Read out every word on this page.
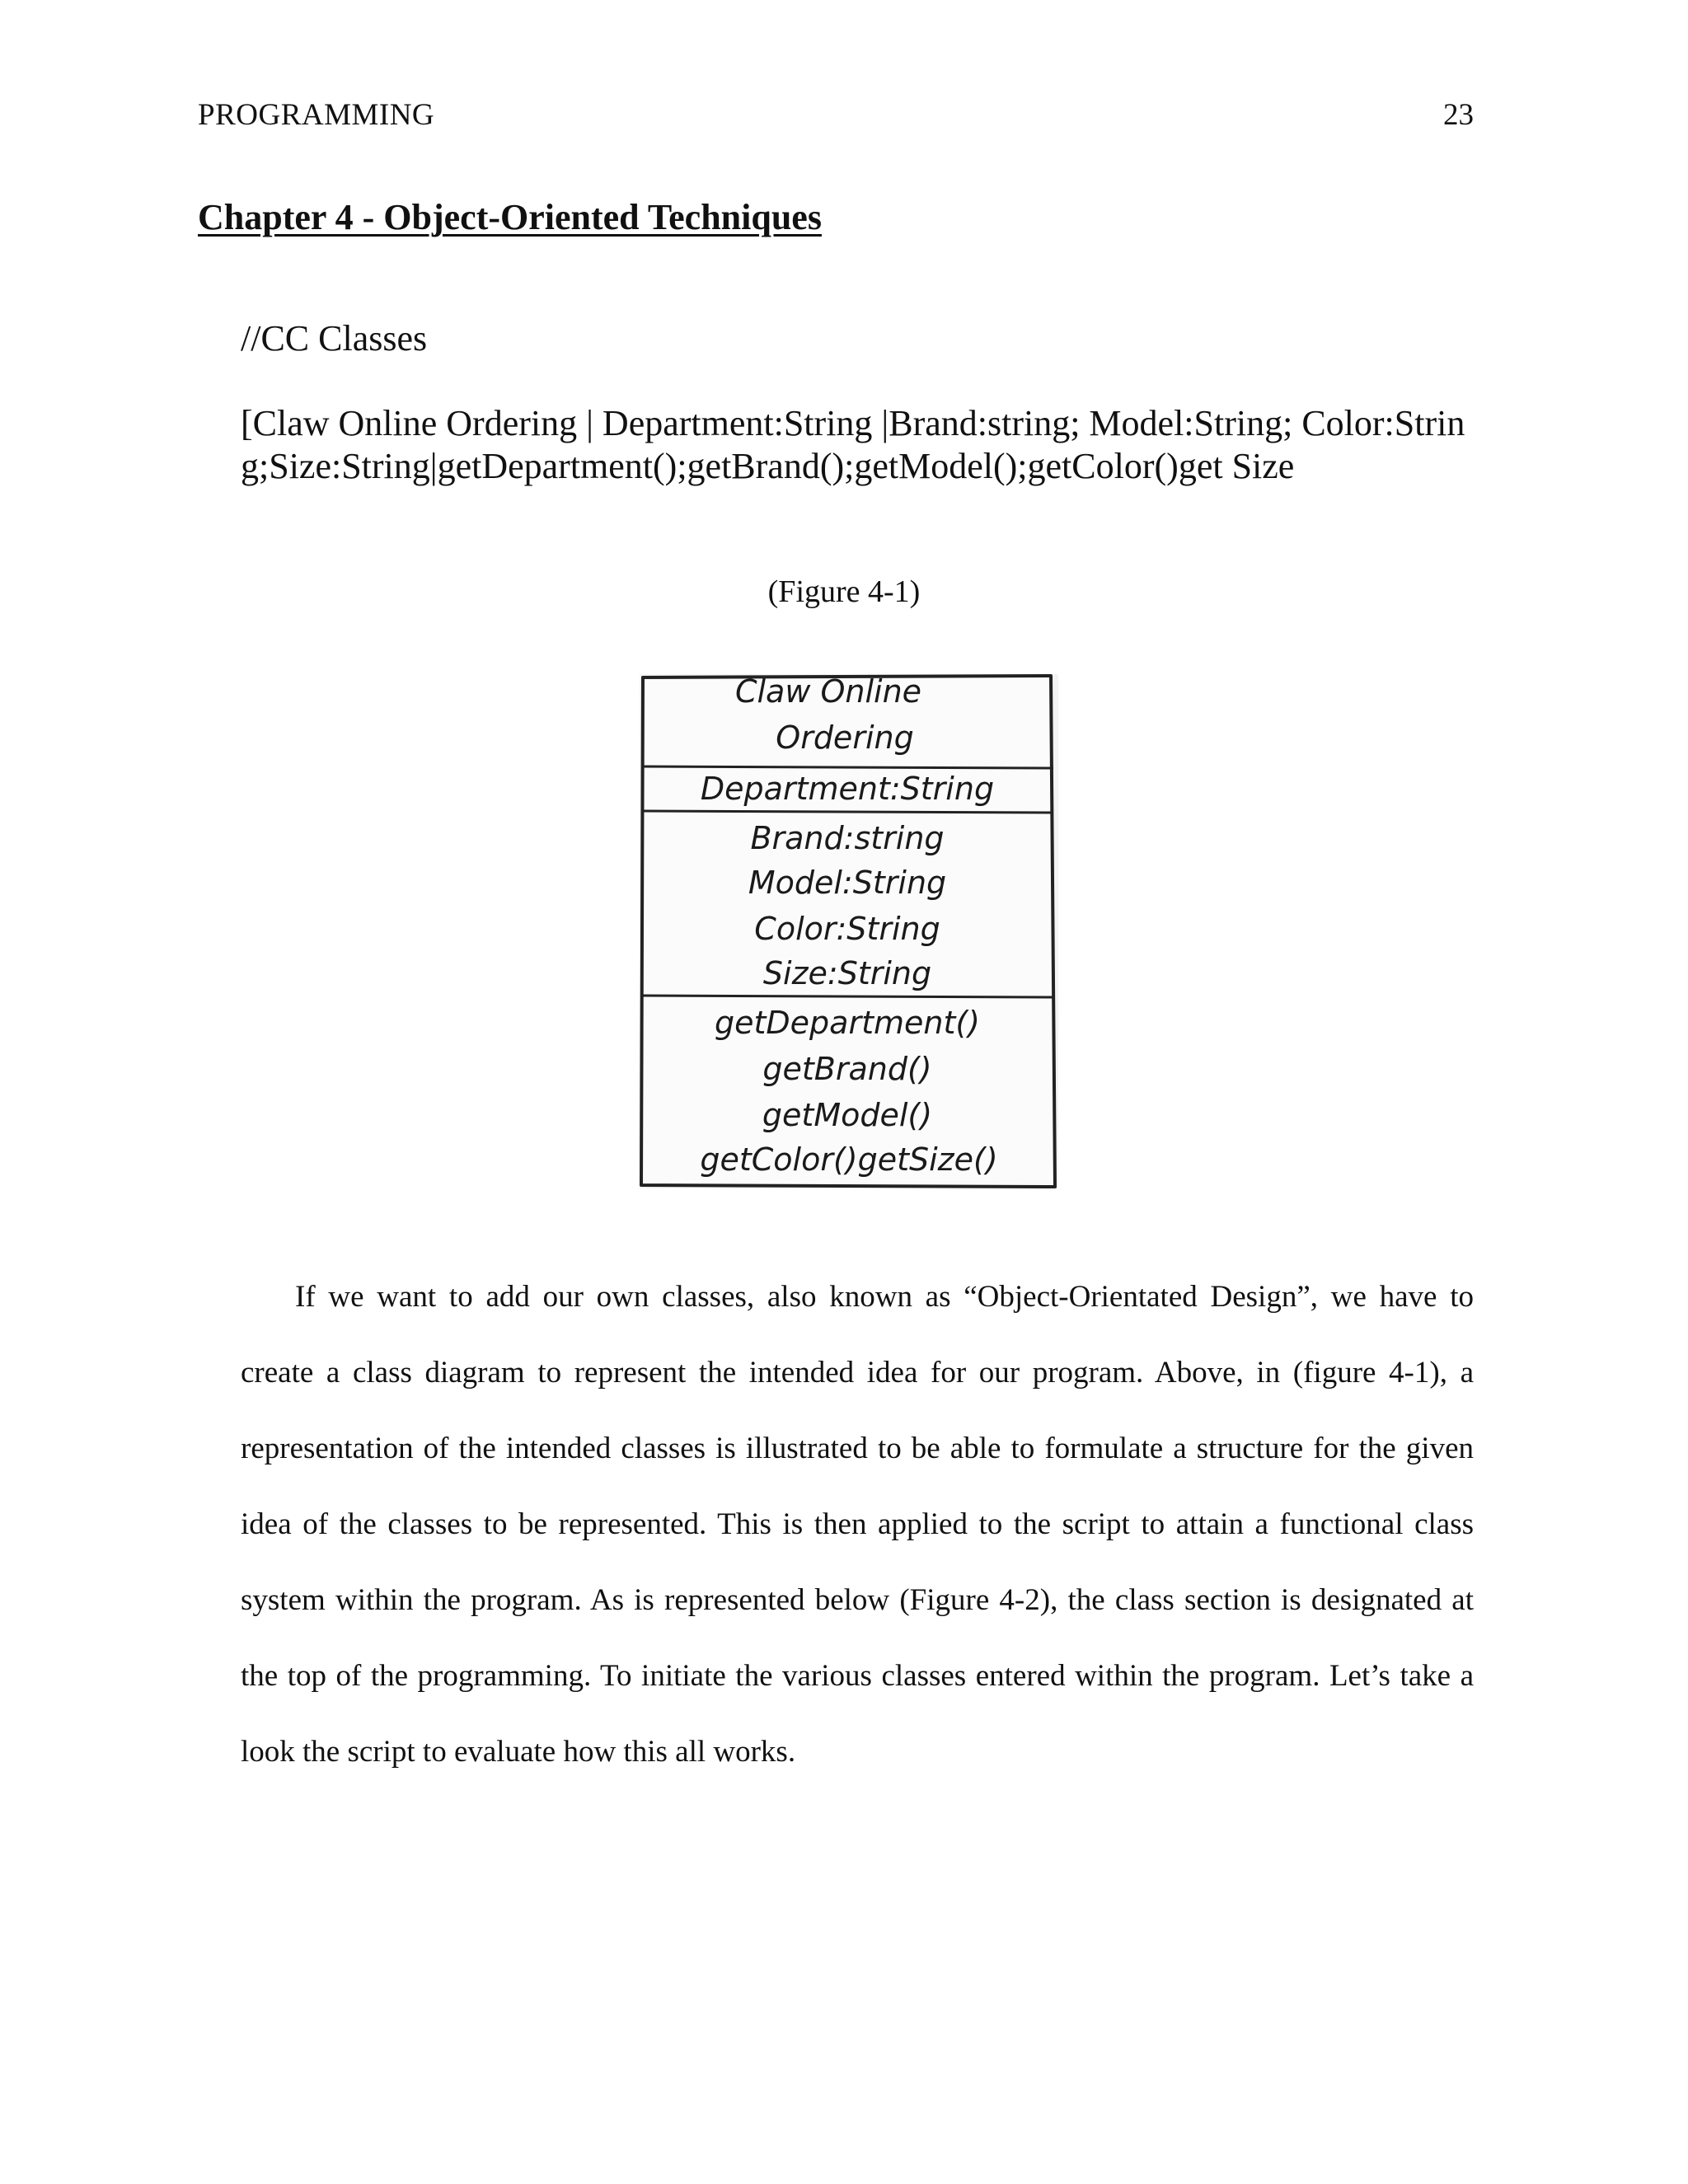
PROGRAMMING	23
Chapter 4 - Object-Oriented Techniques
//CC Classes
[Claw Online Ordering | Department:String |Brand:string; Model:String; Color:String;Size:String|getDepartment();getBrand();getModel();getColor()get Size
(Figure 4-1)
Claw Online
Ordering
Department:String
Brand:string
Model:String
Color:String
Size:String
getDepartment()
getBrand()
getModel()
getColor()getSize()

If we want to add our own classes, also known as “Object-Orientated Design”, we have to create a class diagram to represent the intended idea for our program. Above, in (figure 4-1), a representation of the intended classes is illustrated to be able to formulate a structure for the given idea of the classes to be represented. This is then applied to the script to attain a functional class system within the program. As is represented below (Figure 4-2), the class section is designated at the top of the programming. To initiate the various classes entered within the program. Let’s take a look the script to evaluate how this all works.
